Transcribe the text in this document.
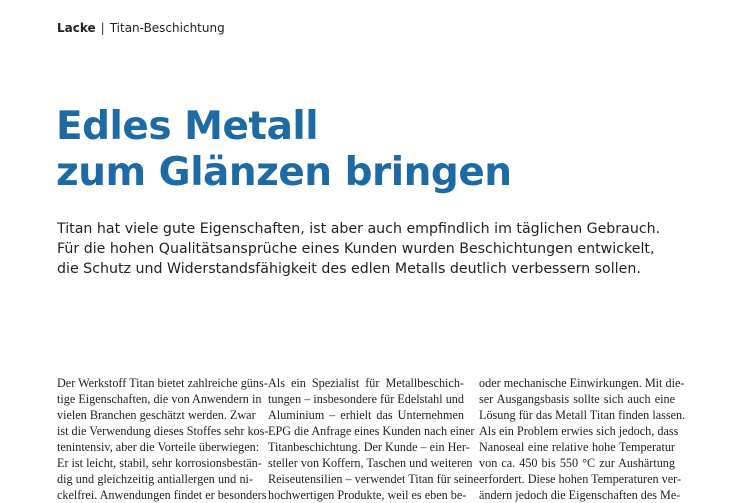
Lacke | Titan-Beschichtung
Edles Metall
zum Glänzen bringen

Titan hat viele gute Eigenschaften, ist aber auch empfindlich im täglichen Gebrauch.
Für die hohen Qualitätsansprüche eines Kunden wurden Beschichtungen entwickelt,
die Schutz und Widerstandsfähigkeit des edlen Metalls deutlich verbessern sollen.

Der Werkstoff Titan bietet zahlreiche güns-
tige Eigenschaften, die von Anwendern in
vielen Branchen geschätzt werden. Zwar
ist die Verwendung dieses Stoffes sehr kos-
tenintensiv, aber die Vorteile überwiegen:
Er ist leicht, stabil, sehr korrosionsbestän-
dig und gleichzeitig antiallergen und ni-
ckelfrei. Anwendungen findet er besonders
Als ein Spezialist für Metallbeschich-
tungen – insbesondere für Edelstahl und
Aluminium – erhielt das Unternehmen
EPG die Anfrage eines Kunden nach einer
Titanbeschichtung. Der Kunde – ein Her-
steller von Koffern, Taschen und weiteren
Reiseutensilien – verwendet Titan für seine
hochwertigen Produkte, weil es eben be-
oder mechanische Einwirkungen. Mit die-
ser Ausgangsbasis sollte sich auch eine
Lösung für das Metall Titan finden lassen.
Als ein Problem erwies sich jedoch, dass
Nanoseal eine relative hohe Temperatur
von ca. 450 bis 550 °C zur Aushärtung
erfordert. Diese hohen Temperaturen ver-
ändern jedoch die Eigenschaften des Me-
